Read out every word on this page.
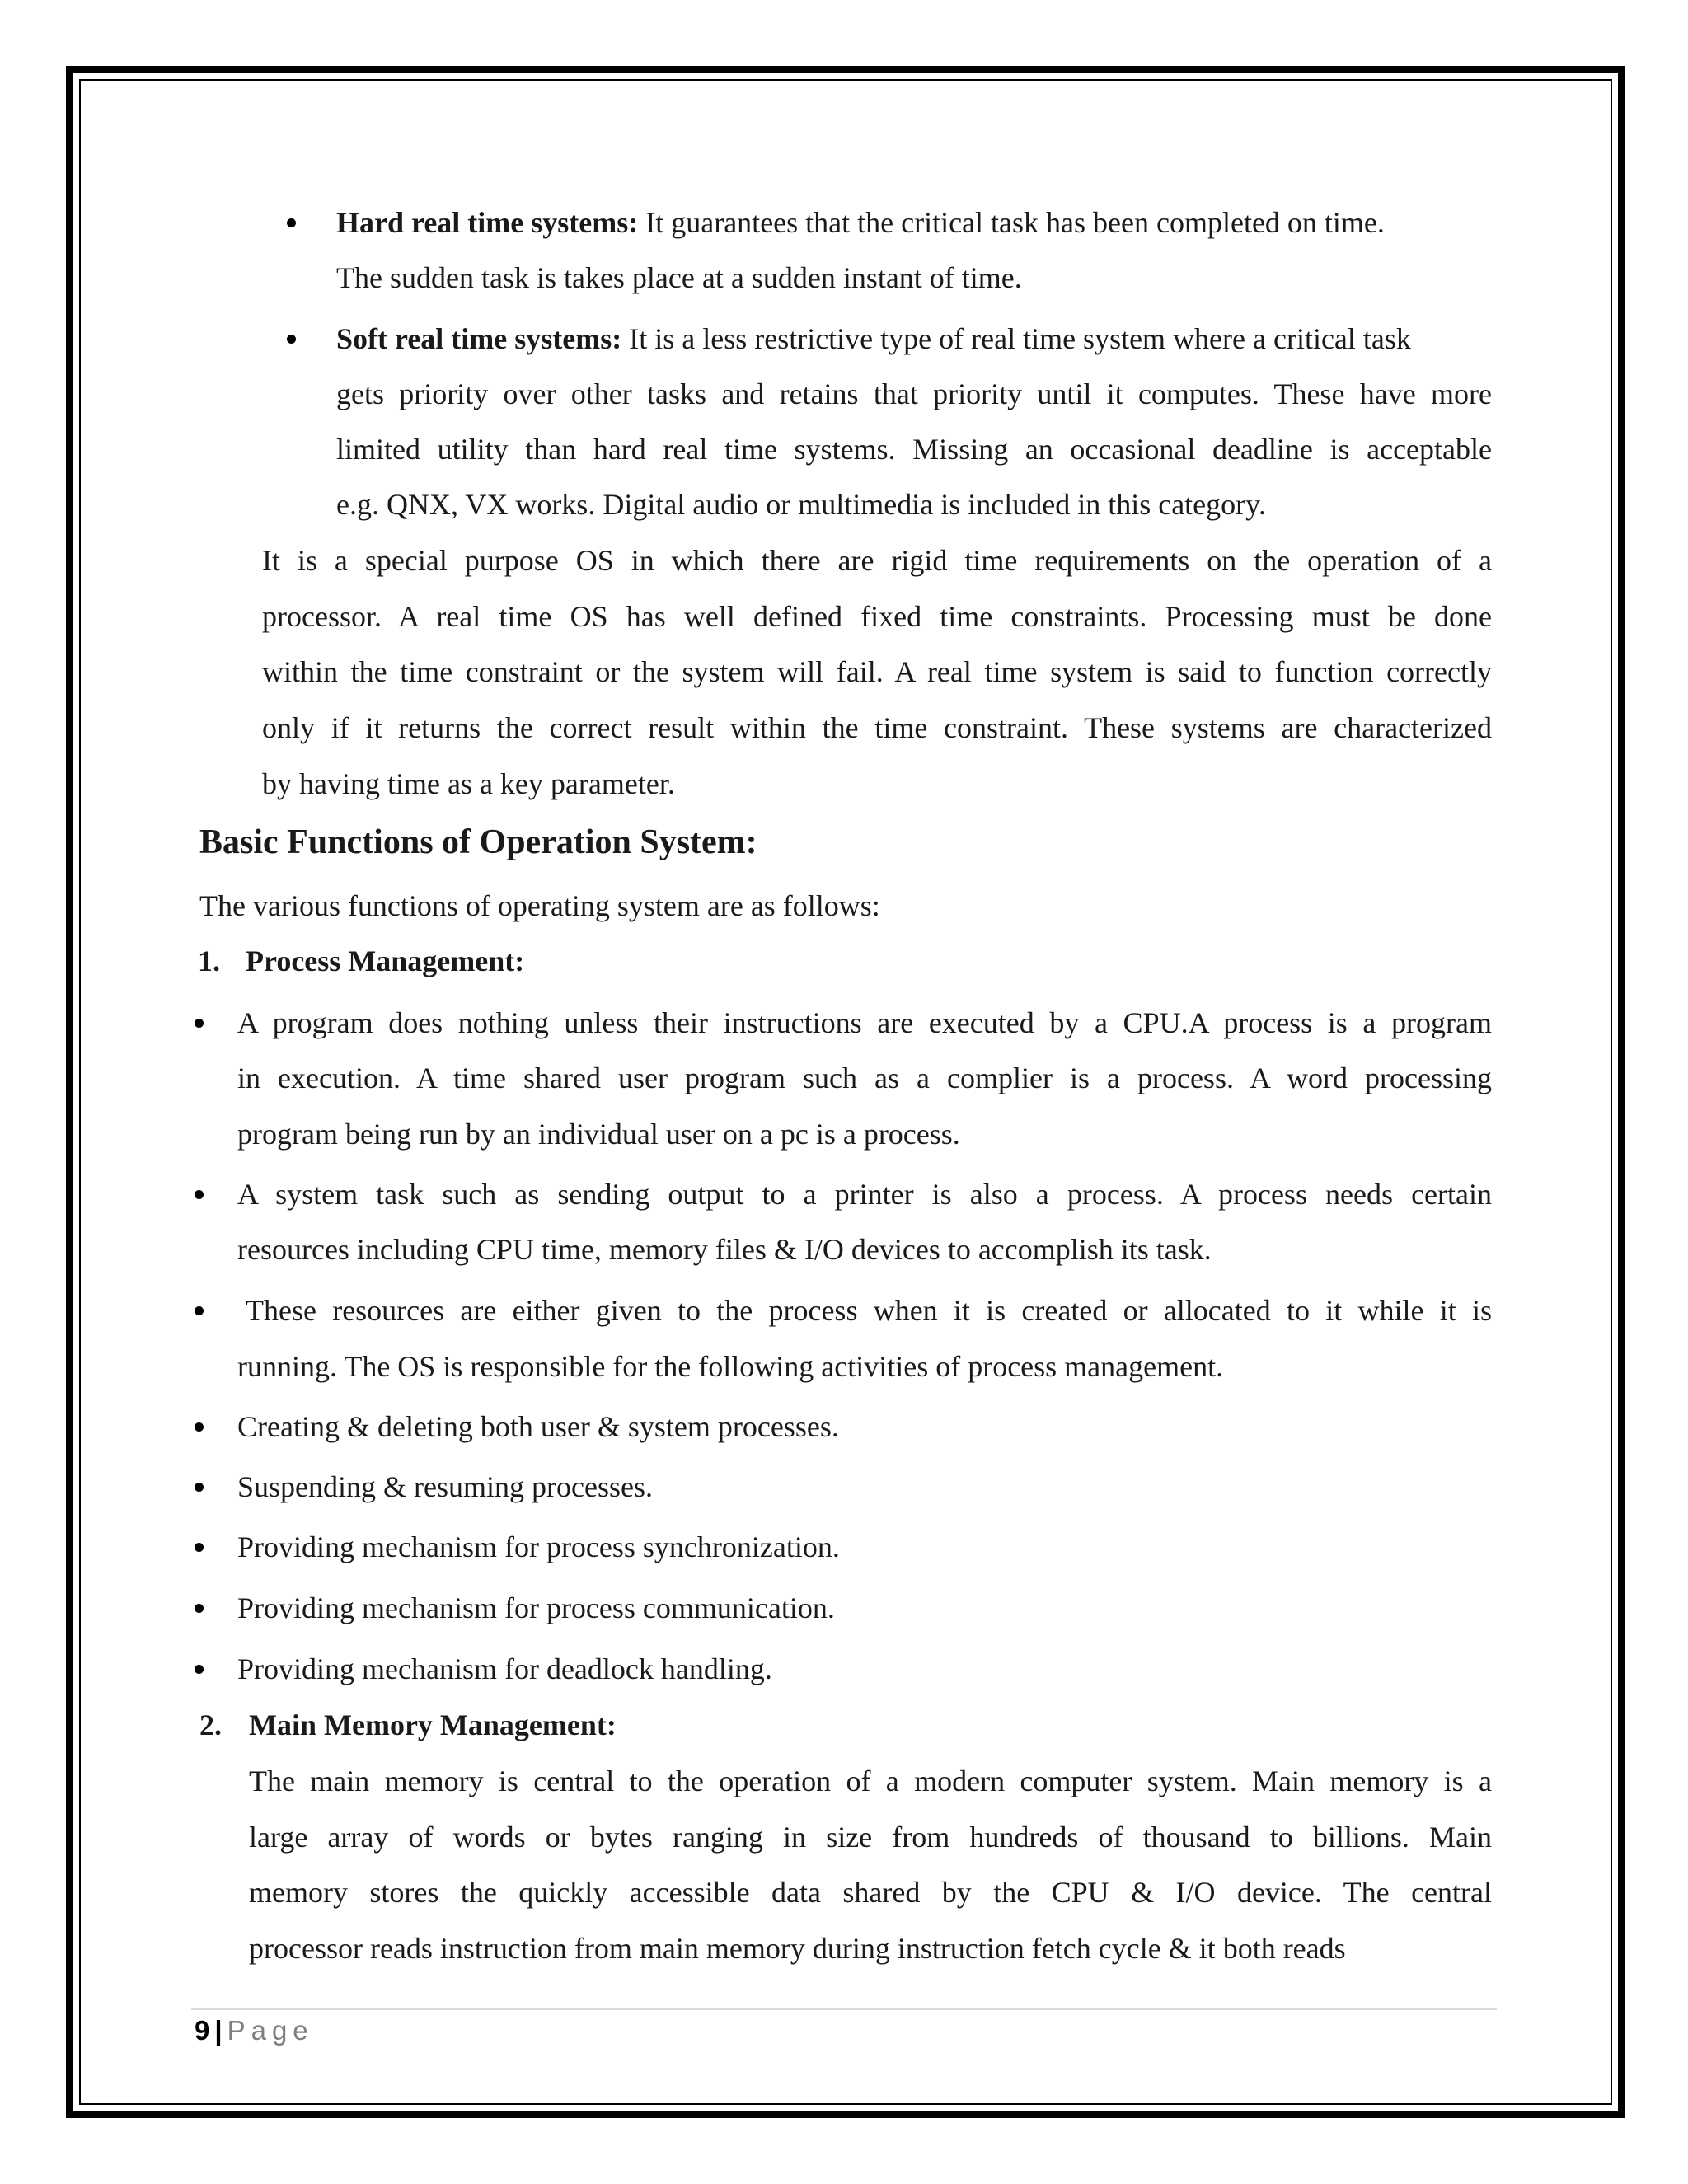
Hard real time systems: It guarantees that the critical task has been completed on time.
The sudden task is takes place at a sudden instant of time.
Soft real time systems: It is a less restrictive type of real time system where a critical task
gets priority over other tasks and retains that priority until it computes. These have more
limited utility than hard real time systems. Missing an occasional deadline is acceptable
e.g. QNX, VX works. Digital audio or multimedia is included in this category.
It is a special purpose OS in which there are rigid time requirements on the operation of a
processor. A real time OS has well defined fixed time constraints. Processing must be done
within the time constraint or the system will fail. A real time system is said to function correctly
only if it returns the correct result within the time constraint. These systems are characterized
by having time as a key parameter.
Basic Functions of Operation System:
The various functions of operating system are as follows:
1. Process Management:
A program does nothing unless their instructions are executed by a CPU.A process is a program
in execution. A time shared user program such as a complier is a process. A word processing
program being run by an individual user on a pc is a process.
A system task such as sending output to a printer is also a process. A process needs certain
resources including CPU time, memory files & I/O devices to accomplish its task.
These resources are either given to the process when it is created or allocated to it while it is
running. The OS is responsible for the following activities of process management.
Creating & deleting both user & system processes.
Suspending & resuming processes.
Providing mechanism for process synchronization.
Providing mechanism for process communication.
Providing mechanism for deadlock handling.
2. Main Memory Management:
The main memory is central to the operation of a modern computer system. Main memory is a
large array of words or bytes ranging in size from hundreds of thousand to billions. Main
memory stores the quickly accessible data shared by the CPU & I/O device. The central
processor reads instruction from main memory during instruction fetch cycle & it both reads
9 | Page
